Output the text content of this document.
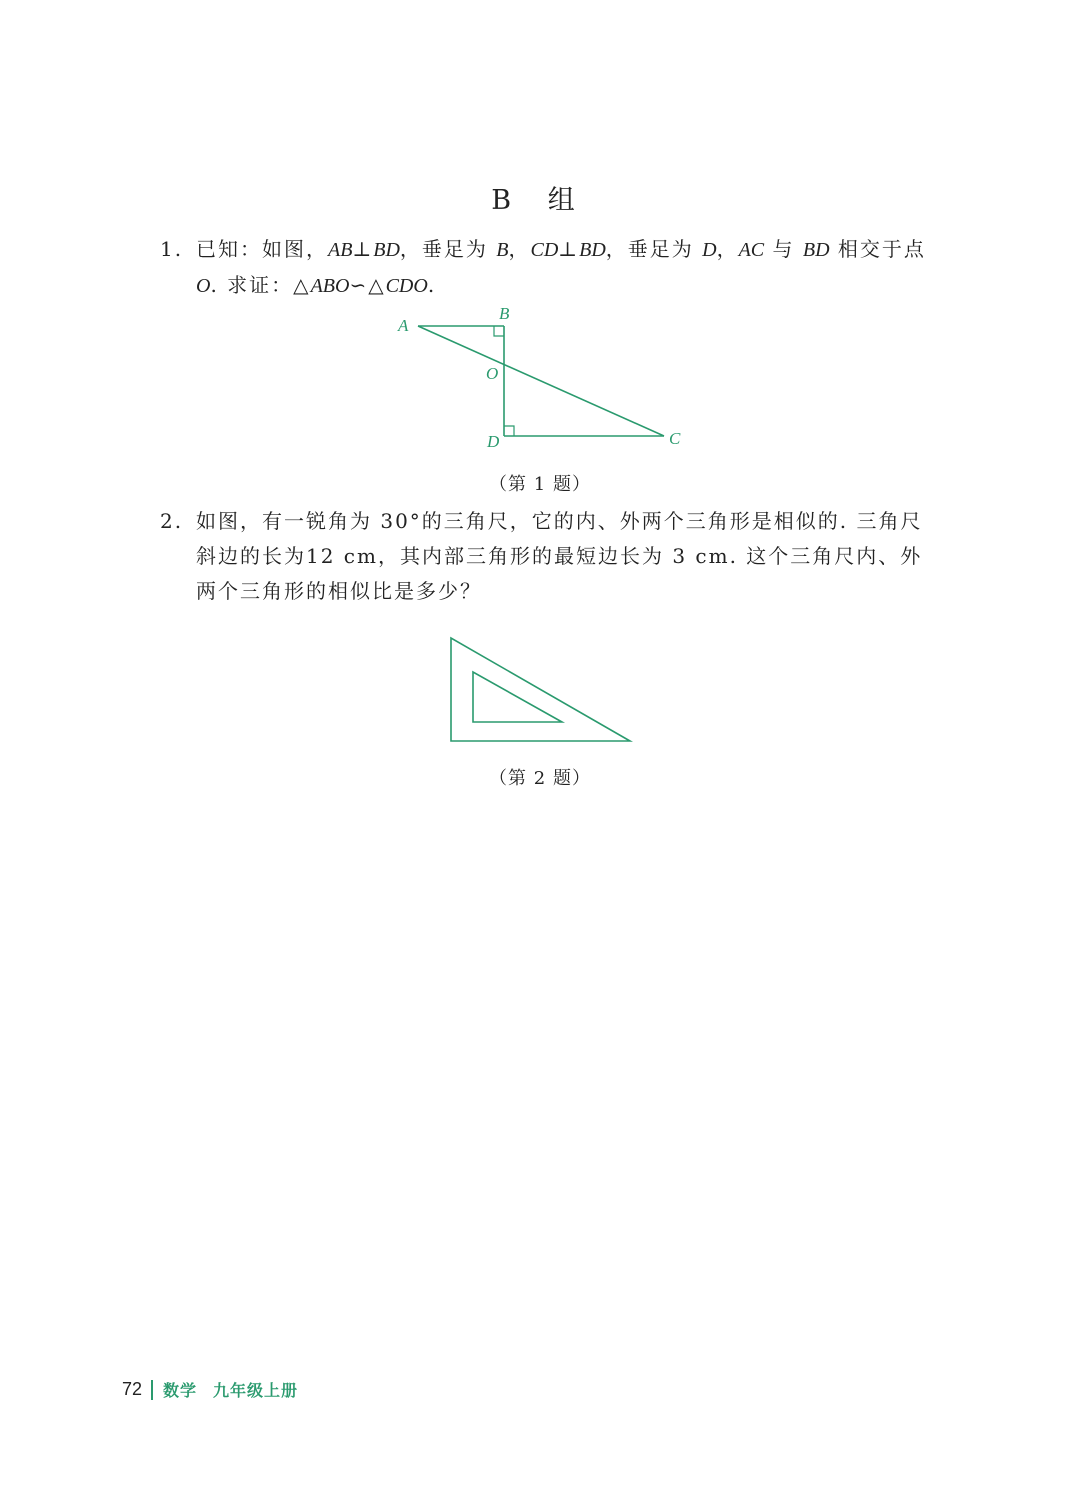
B 组
1. 已知：如图，AB⊥BD，垂足为 B，CD⊥BD，垂足为 D，AC 与 BD 相交于点 O. 求证：△ABO∽△CDO.
A
B
O
D	C
（第 1 题）
2. 如图，有一锐角为 30°的三角尺，它的内、外两个三角形是相似的. 三角尺斜边的长为12 cm，其内部三角形的最短边长为 3 cm. 这个三角尺内、外两个三角形的相似比是多少？
（第 2 题）
72 数学 九年级上册
